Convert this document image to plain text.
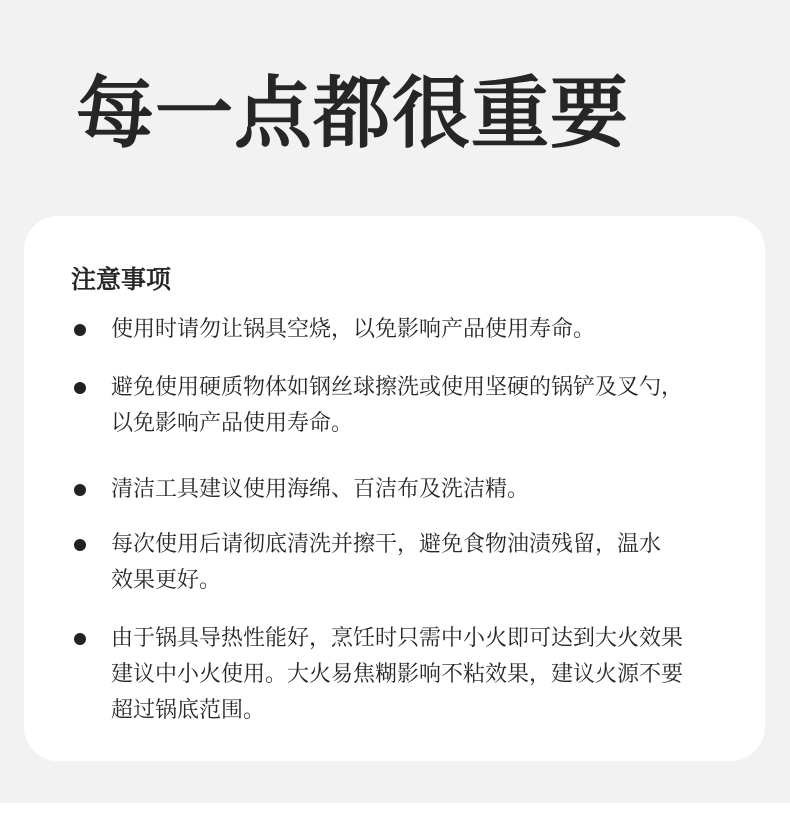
每一点都很重要
注意事项
使用时请勿让锅具空烧，以免影响产品使用寿命。
避免使用硬质物体如钢丝球擦洗或使用坚硬的锅铲及叉勺，
以免影响产品使用寿命。
清洁工具建议使用海绵、百洁布及洗洁精。
每次使用后请彻底清洗并擦干，避免食物油渍残留，温水
效果更好。
由于锅具导热性能好，烹饪时只需中小火即可达到大火效果
建议中小火使用。大火易焦糊影响不粘效果，建议火源不要
超过锅底范围。
